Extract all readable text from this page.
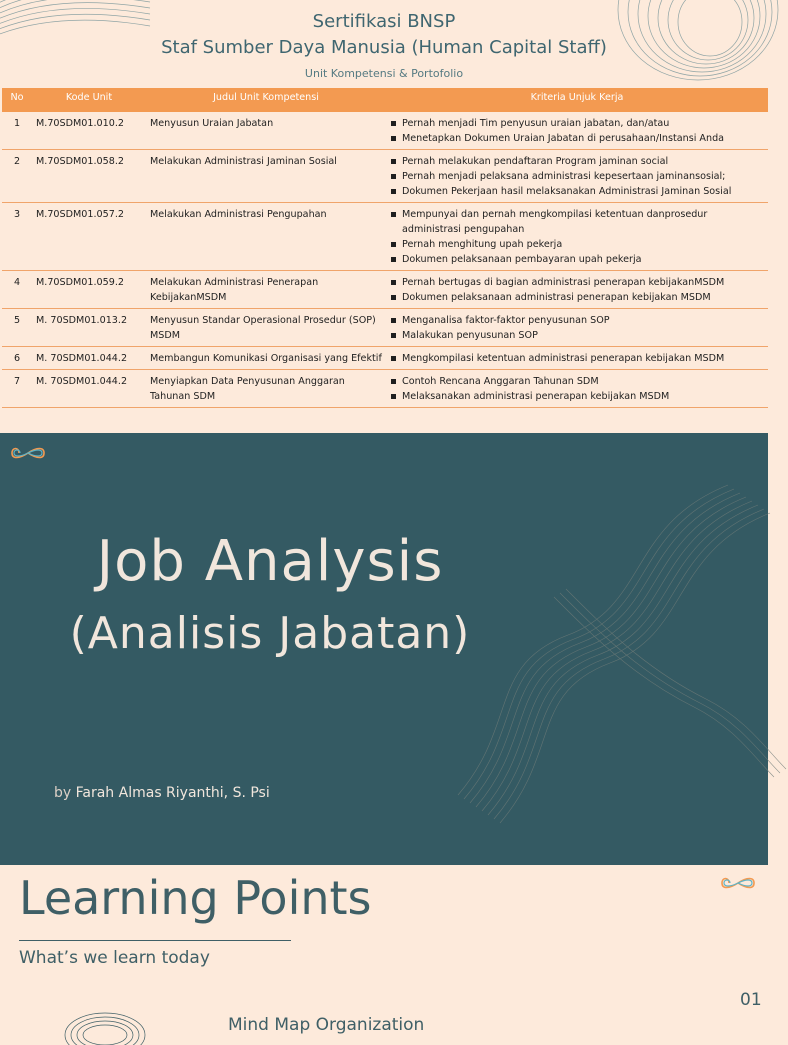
Sertifikasi BNSP
Staf Sumber Daya Manusia (Human Capital Staff)
Unit Kompetensi & Portofolio
No	Kode Unit	Judul Unit Kompetensi	Kriteria Unjuk Kerja
1	M.70SDM01.010.2	Menyusun Uraian Jabatan	Pernah menjadi Tim penyusun uraian jabatan, dan/atau
Menetapkan Dokumen Uraian Jabatan di perusahaan/Instansi Anda

2	M.70SDM01.058.2	Melakukan Administrasi Jaminan Sosial	Pernah melakukan pendaftaran Program jaminan social
Pernah menjadi pelaksana administrasi kepesertaan jaminansosial;
Dokumen Pekerjaan hasil melaksanakan Administrasi Jaminan Sosial

3	M.70SDM01.057.2	Melakukan Administrasi Pengupahan	Mempunyai dan pernah mengkompilasi ketentuan danprosedur administrasi pengupahan
Pernah menghitung upah pekerja
Dokumen pelaksanaan pembayaran upah pekerja

4	M.70SDM01.059.2	Melakukan Administrasi Penerapan KebijakanMSDM	Pernah bertugas di bagian administrasi penerapan kebijakanMSDM
Dokumen pelaksanaan administrasi penerapan kebijakan MSDM

5	M. 70SDM01.013.2	Menyusun Standar Operasional Prosedur (SOP) MSDM	Menganalisa faktor-faktor penyusunan SOP
Malakukan penyusunan SOP

6	M. 70SDM01.044.2	Membangun Komunikasi Organisasi yang Efektif	Mengkompilasi ketentuan administrasi penerapan kebijakan MSDM

7	M. 70SDM01.044.2	Menyiapkan Data Penyusunan Anggaran Tahunan SDM	Contoh Rencana Anggaran Tahunan SDM
Melaksanakan administrasi penerapan kebijakan MSDM
Job Analysis
(Analisis Jabatan)
by Farah Almas Riyanthi, S. Psi
Learning Points
What’s we learn today
01
Mind Map Organization
